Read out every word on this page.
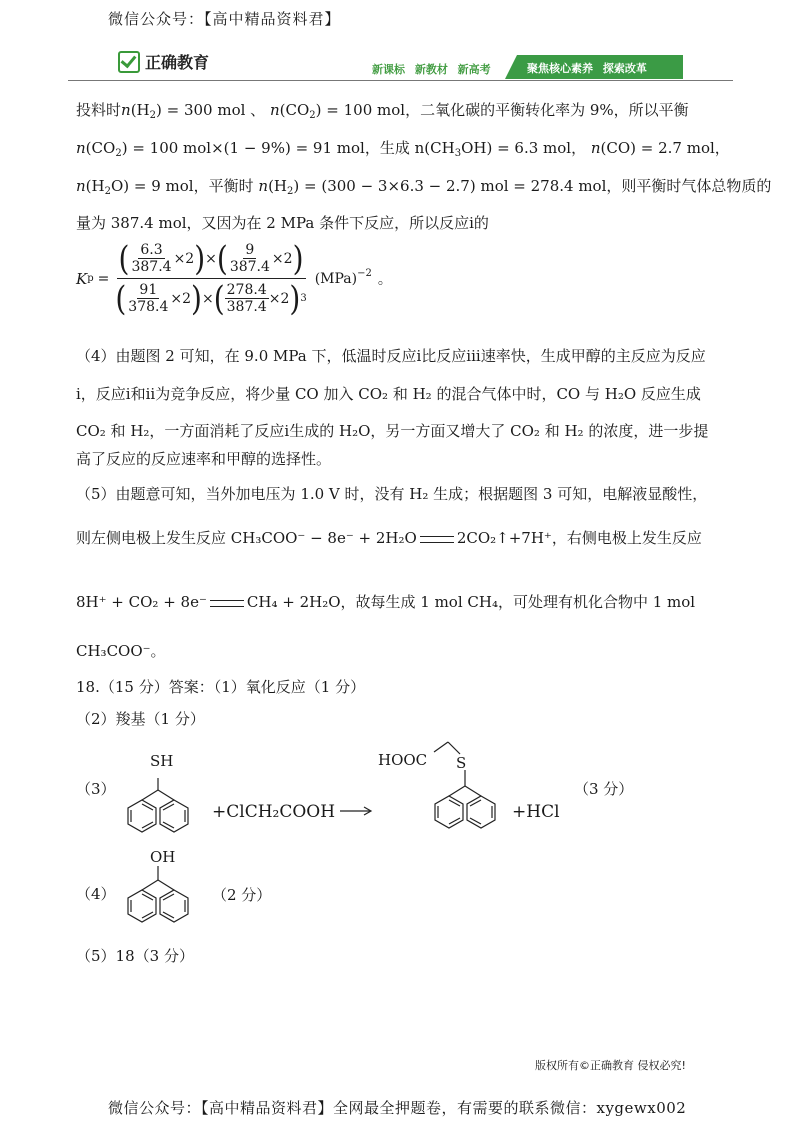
微信公众号：【高中精品资料君】
正确教育	新课标 新教材 新高考	聚焦核心素养 探索改革
投料时$n(H_2) = 300$ mol 、 $n(CO_2) = 100$ mol，二氧化碳的平衡转化率为 9%，所以平衡
$n(CO_2) = 100$ mol×(1 − 9%) = 91 mol，生成 $n(CH_3OH) = 6.3$ mol， n(CO) = 2.7 mol，
$n(H_2O) = 9$ mol，平衡时 $n(H_2) = (300 - 3\times 6.3 - 2.7)$ mol = 278.4 mol，则平衡时气体总物质的
量为 387.4 mol，又因为在 2 MPa 条件下反应，所以反应i的
K p =
( $\frac{6.3}{387.4} \times 2$ ) × ( $\frac{9}{387.4} \times 2$ )
( $\frac{91}{378.4} \times 2$ ) × ( $\frac{278.4}{387.4} \times 2$ ) 3
(MPa)$^{-2}$ 。
（4）由题图 2 可知，在 9.0 MPa 下，低温时反应i比反应iii速率快，生成甲醇的主反应为反应
i，反应i和ii为竞争反应，将少量 CO 加入 CO₂ 和 H₂ 的混合气体中时，CO 与 H₂O 反应生成
CO₂ 和 H₂，一方面消耗了反应i生成的 H₂O，另一方面又增大了 CO₂ 和 H₂ 的浓度，进一步提
高了反应的反应速率和甲醇的选择性。
（5）由题意可知，当外加电压为 1.0 V 时，没有 H₂ 生成；根据题图 3 可知，电解液显酸性，
则左侧电极上发生反应 CH₃COO⁻ − 8e⁻ + 2H₂O	2CO₂↑+7H⁺，右侧电极上发生反应
8H⁺ + CO₂ + 8e⁻	CH₄ + 2H₂O，故每生成 1 mol CH₄，可处理有机化合物中 1 mol
CH₃COO⁻。
18.（15 分）答案：（1）氧化反应（1 分）
（2）羧基（1 分）
（3）
SH
+ClCH₂COOH →
HOOC S
+HCl
（3 分）
（4）
OH
（2 分）
（5）18（3 分）
版权所有©正确教育 侵权必究!
微信公众号：【高中精品资料君】全网最全押题卷，有需要的联系微信：xygewx002
